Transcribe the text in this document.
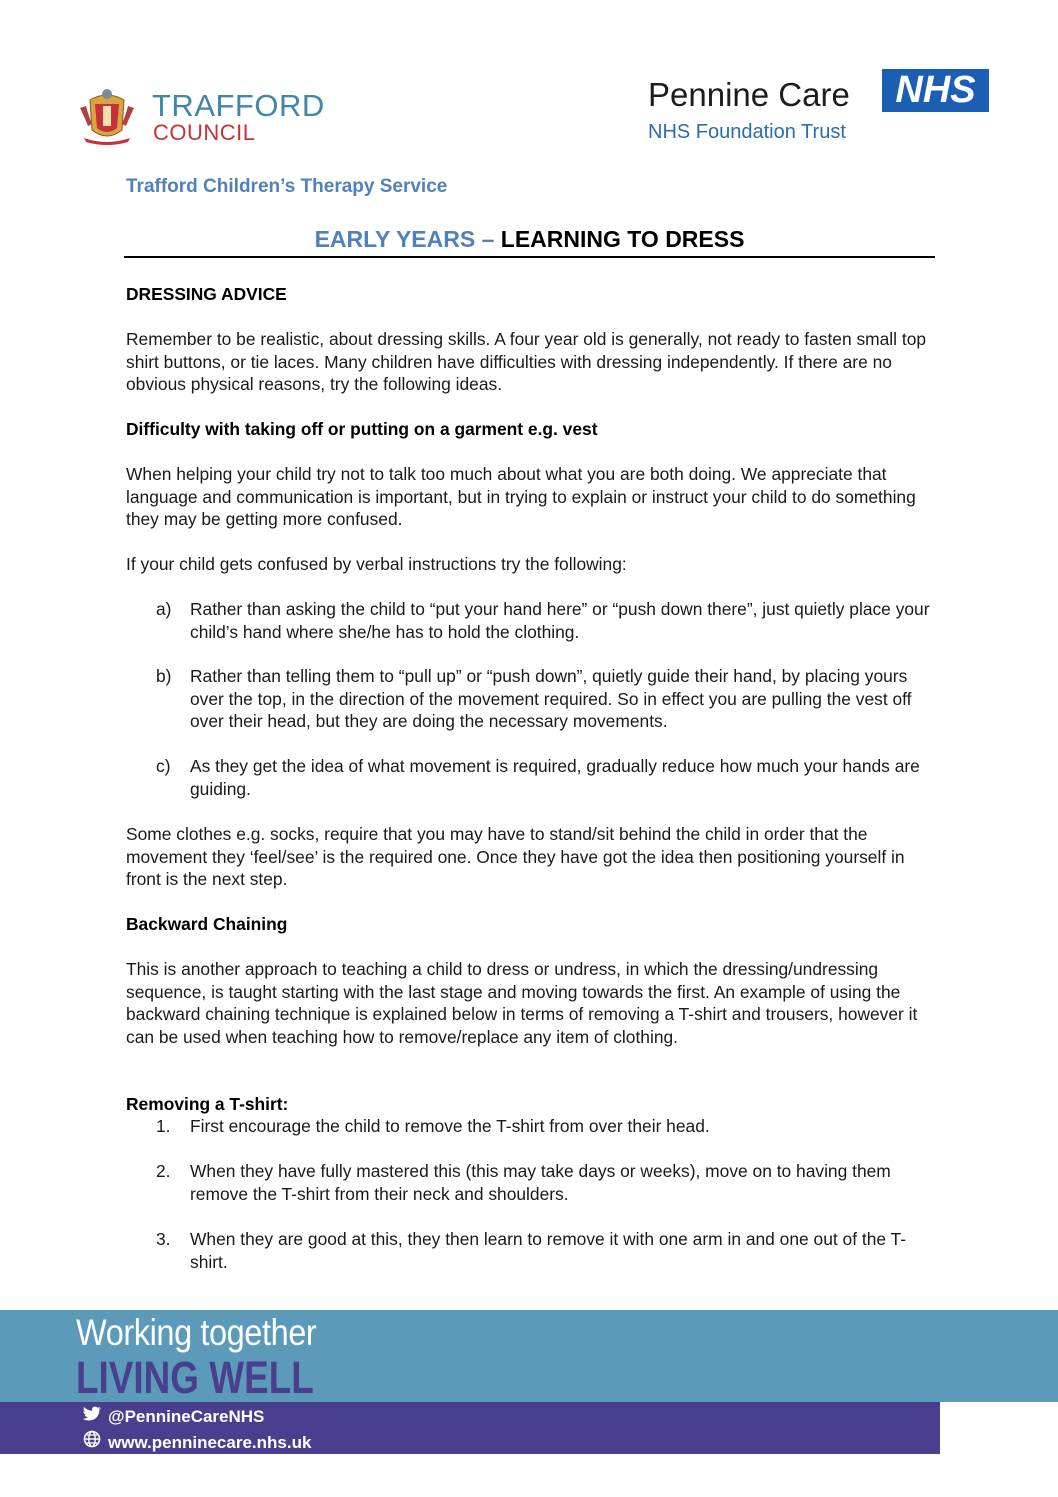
TRAFFORD
COUNCIL
Pennine Care	NHS
NHS Foundation Trust
Trafford Children’s Therapy Service
EARLY YEARS – LEARNING TO DRESS
DRESSING ADVICE
Remember to be realistic, about dressing skills. A four year old is generally, not ready to fasten small top shirt buttons, or tie laces. Many children have difficulties with dressing independently. If there are no obvious physical reasons, try the following ideas.
Difficulty with taking off or putting on a garment e.g. vest
When helping your child try not to talk too much about what you are both doing. We appreciate that language and communication is important, but in trying to explain or instruct your child to do something they may be getting more confused.
If your child gets confused by verbal instructions try the following:
a) Rather than asking the child to “put your hand here” or “push down there”, just quietly place your child’s hand where she/he has to hold the clothing.
b) Rather than telling them to “pull up” or “push down”, quietly guide their hand, by placing yours over the top, in the direction of the movement required. So in effect you are pulling the vest off over their head, but they are doing the necessary movements.
c) As they get the idea of what movement is required, gradually reduce how much your hands are guiding.
Some clothes e.g. socks, require that you may have to stand/sit behind the child in order that the movement they ‘feel/see’ is the required one. Once they have got the idea then positioning yourself in front is the next step.
Backward Chaining
This is another approach to teaching a child to dress or undress, in which the dressing/undressing sequence, is taught starting with the last stage and moving towards the first. An example of using the backward chaining technique is explained below in terms of removing a T-shirt and trousers, however it can be used when teaching how to remove/replace any item of clothing.
Removing a T-shirt:
1. First encourage the child to remove the T-shirt from over their head.
2. When they have fully mastered this (this may take days or weeks), move on to having them remove the T-shirt from their neck and shoulders.
3. When they are good at this, they then learn to remove it with one arm in and one out of the T-shirt.
Working together
LIVING WELL
@PennineCareNHS
www.penninecare.nhs.uk
